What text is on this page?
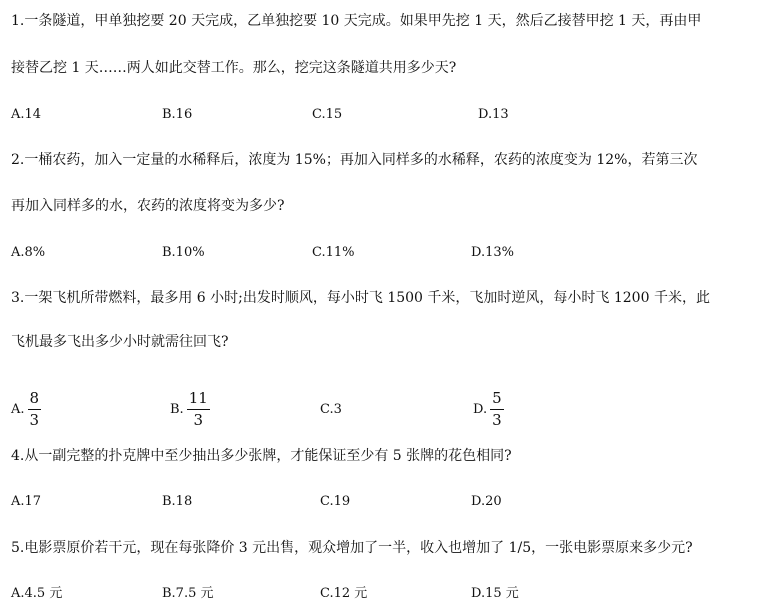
1.一条隧道，甲单独挖要 20 天完成，乙单独挖要 10 天完成。如果甲先挖 1 天，然后乙接替甲挖 1 天，再由甲
接替乙挖 1 天……两人如此交替工作。那么，挖完这条隧道共用多少天?
A.14	B.16	C.15	D.13
2.一桶农药，加入一定量的水稀释后，浓度为 15%；再加入同样多的水稀释，农药的浓度变为 12%，若第三次
再加入同样多的水，农药的浓度将变为多少?
A.8%	B.10%	C.11%	D.13%
3.一架飞机所带燃料，最多用 6 小时;出发时顺风，每小时飞 1500 千米，飞加时逆风，每小时飞 1200 千米，此
飞机最多飞出多少小时就需往回飞?
A. $\frac{8}{3}$	B. $\frac{11}{3}$	C. 3	D. $\frac{5}{3}$
4.从一副完整的扑克牌中至少抽出多少张牌，才能保证至少有 5 张牌的花色相同?
A.17	B.18	C.19	D.20
5.电影票原价若干元，现在每张降价 3 元出售，观众增加了一半，收入也增加了 1/5，一张电影票原来多少元?
A.4.5 元	B.7.5 元	C.12 元	D.15 元
